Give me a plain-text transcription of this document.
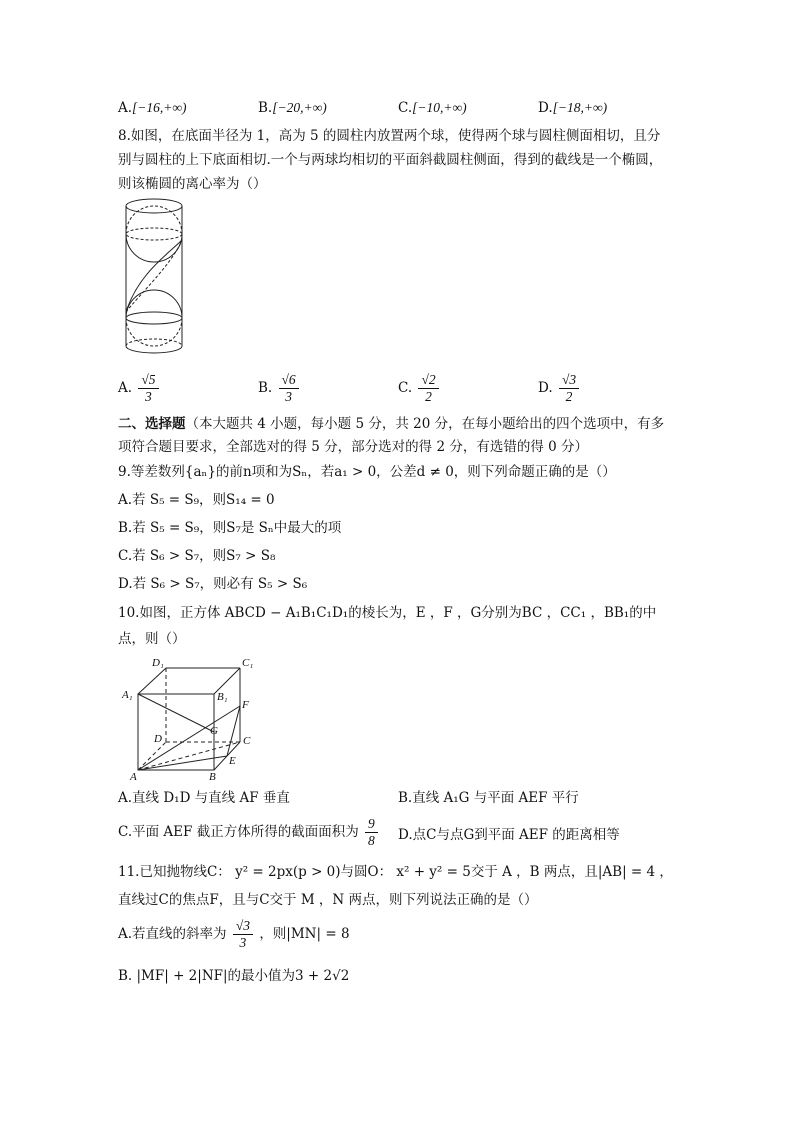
A.[−16,+∞)	B.[−20,+∞)	C.[−10,+∞)	D.[−18,+∞)
8.如图，在底面半径为 1，高为 5 的圆柱内放置两个球，使得两个球与圆柱侧面相切，且分
别与圆柱的上下底面相切.一个与两球均相切的平面斜截圆柱侧面，得到的截线是一个椭圆，
则该椭圆的离心率为（）
A. $\frac{√5}{3}$	B. $\frac{√6}{3}$	C. $\frac{√2}{2}$	D. $\frac{√3}{2}$
二、选择题（本大题共 4 小题，每小题 5 分，共 20 分，在每小题给出的四个选项中，有多
项符合题目要求，全部选对的得 5 分，部分选对的得 2 分，有选错的得 0 分）
9.等差数列{aₙ}的前n项和为Sₙ，若a₁ > 0，公差d ≠ 0，则下列命题正确的是（）
A.若 S₅ = S₉，则S₁₄ = 0
B.若 S₅ = S₉，则S₇是 Sₙ中最大的项
C.若 S₆ > S₇，则S₇ > S₈
D.若 S₆ > S₇，则必有 S₅ > S₆
10.如图，正方体 ABCD − A₁B₁C₁D₁的棱长为，E ，F ，G分别为BC ，CC₁ ，BB₁的中
点，则（）
D₁	C₁
A₁	B₁
F
D
G
C
E
A	B
A.直线 D₁D 与直线 AF 垂直	B.直线 A₁G 与平面 AEF 平行
C.平面 AEF 截正方体所得的截面面积为 $\frac{9}{8} D$.点C与点G到平面 AEF 的距离相等
11.已知抛物线C： y² = 2px(p > 0)与圆O： x² + y² = 5交于 A ，B 两点，且|AB| = 4 ，
直线过C的焦点F，且与C交于 M ，N 两点，则下列说法正确的是（）
A.若直线的斜率为 $\frac{√3}{3}$ ，则|MN| = 8
B. |MF| + 2|NF|的最小值为3 + 2√2
